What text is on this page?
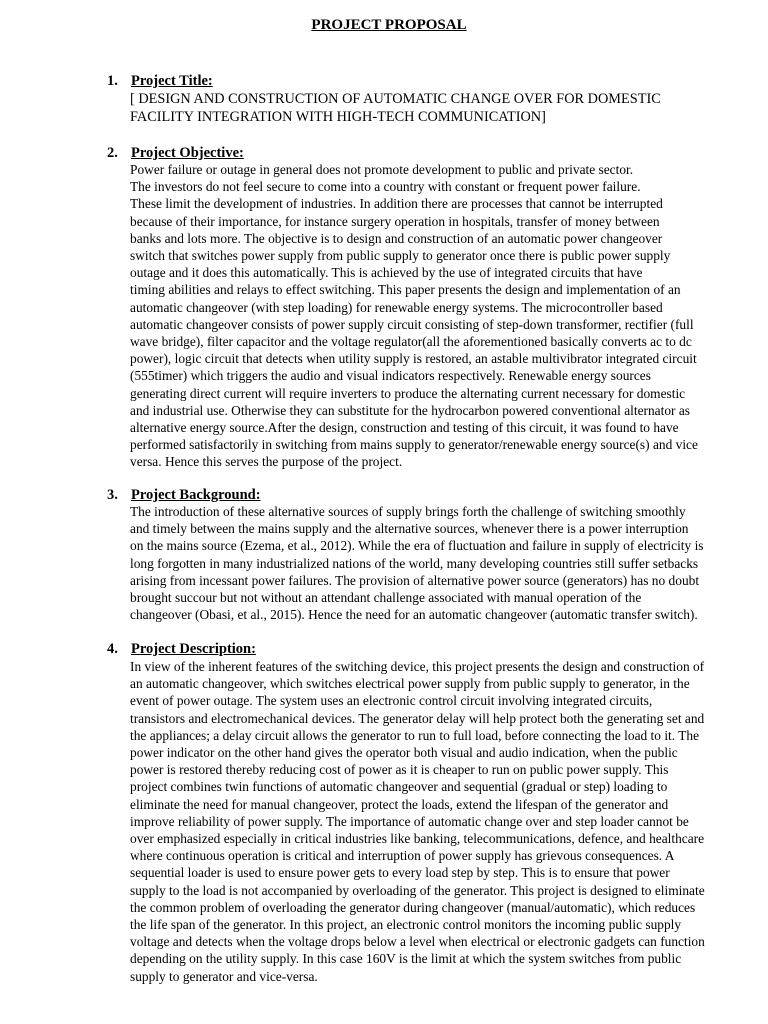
PROJECT PROPOSAL
1. Project Title:
[ DESIGN AND CONSTRUCTION OF AUTOMATIC CHANGE OVER FOR DOMESTIC
FACILITY INTEGRATION WITH HIGH-TECH COMMUNICATION]
2. Project Objective:
Power failure or outage in general does not promote development to public and private sector.
The investors do not feel secure to come into a country with constant or frequent power failure.
These limit the development of industries. In addition there are processes that cannot be interrupted
because of their importance, for instance surgery operation in hospitals, transfer of money between
banks and lots more. The objective is to design and construction of an automatic power changeover
switch that switches power supply from public supply to generator once there is public power supply
outage and it does this automatically. This is achieved by the use of integrated circuits that have
timing abilities and relays to effect switching. This paper presents the design and implementation of an
automatic changeover (with step loading) for renewable energy systems. The microcontroller based
automatic changeover consists of power supply circuit consisting of step-down transformer, rectifier (full
wave bridge), filter capacitor and the voltage regulator(all the aforementioned basically converts ac to dc
power), logic circuit that detects when utility supply is restored, an astable multivibrator integrated circuit
(555timer) which triggers the audio and visual indicators respectively. Renewable energy sources
generating direct current will require inverters to produce the alternating current necessary for domestic
and industrial use. Otherwise they can substitute for the hydrocarbon powered conventional alternator as
alternative energy source.After the design, construction and testing of this circuit, it was found to have
performed satisfactorily in switching from mains supply to generator/renewable energy source(s) and vice
versa. Hence this serves the purpose of the project.
3. Project Background:
The introduction of these alternative sources of supply brings forth the challenge of switching smoothly
and timely between the mains supply and the alternative sources, whenever there is a power interruption
on the mains source (Ezema, et al., 2012). While the era of fluctuation and failure in supply of electricity is
long forgotten in many industrialized nations of the world, many developing countries still suffer setbacks
arising from incessant power failures. The provision of alternative power source (generators) has no doubt
brought succour but not without an attendant challenge associated with manual operation of the
changeover (Obasi, et al., 2015). Hence the need for an automatic changeover (automatic transfer switch).
4. Project Description:
In view of the inherent features of the switching device, this project presents the design and construction of
an automatic changeover, which switches electrical power supply from public supply to generator, in the
event of power outage. The system uses an electronic control circuit involving integrated circuits,
transistors and electromechanical devices. The generator delay will help protect both the generating set and
the appliances; a delay circuit allows the generator to run to full load, before connecting the load to it. The
power indicator on the other hand gives the operator both visual and audio indication, when the public
power is restored thereby reducing cost of power as it is cheaper to run on public power supply. This
project combines twin functions of automatic changeover and sequential (gradual or step) loading to
eliminate the need for manual changeover, protect the loads, extend the lifespan of the generator and
improve reliability of power supply. The importance of automatic change over and step loader cannot be
over emphasized especially in critical industries like banking, telecommunications, defence, and healthcare
where continuous operation is critical and interruption of power supply has grievous consequences. A
sequential loader is used to ensure power gets to every load step by step. This is to ensure that power
supply to the load is not accompanied by overloading of the generator. This project is designed to eliminate
the common problem of overloading the generator during changeover (manual/automatic), which reduces
the life span of the generator. In this project, an electronic control monitors the incoming public supply
voltage and detects when the voltage drops below a level when electrical or electronic gadgets can function
depending on the utility supply. In this case 160V is the limit at which the system switches from public
supply to generator and vice-versa.
